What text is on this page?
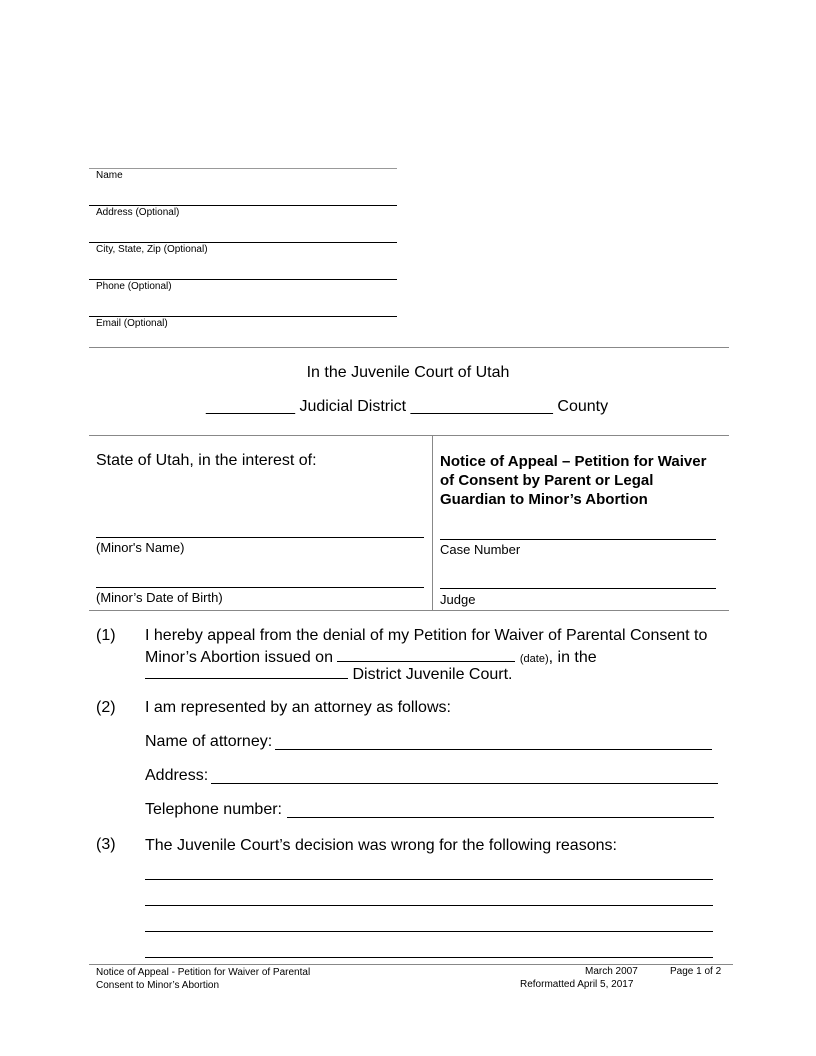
Name
Address (Optional)
City, State, Zip (Optional)
Phone (Optional)
Email (Optional)
In the Juvenile Court of Utah
__________ Judicial District ________________ County
State of Utah, in the interest of:
(Minor's Name)
(Minor’s Date of Birth)
Notice of Appeal – Petition for Waiver of Consent by Parent or Legal Guardian to Minor’s Abortion
Case Number
Judge
(1) I hereby appeal from the denial of my Petition for Waiver of Parental Consent to
Minor’s Abortion issued on	(date), in the
District Juvenile Court.
(2) I am represented by an attorney as follows:
Name of attorney:
Address:
Telephone number:
(3) The Juvenile Court’s decision was wrong for the following reasons:
Notice of Appeal - Petition for Waiver of Parental
Consent to Minor’s Abortion
March 2007	Page 1 of 2
Reformatted April 5, 2017
